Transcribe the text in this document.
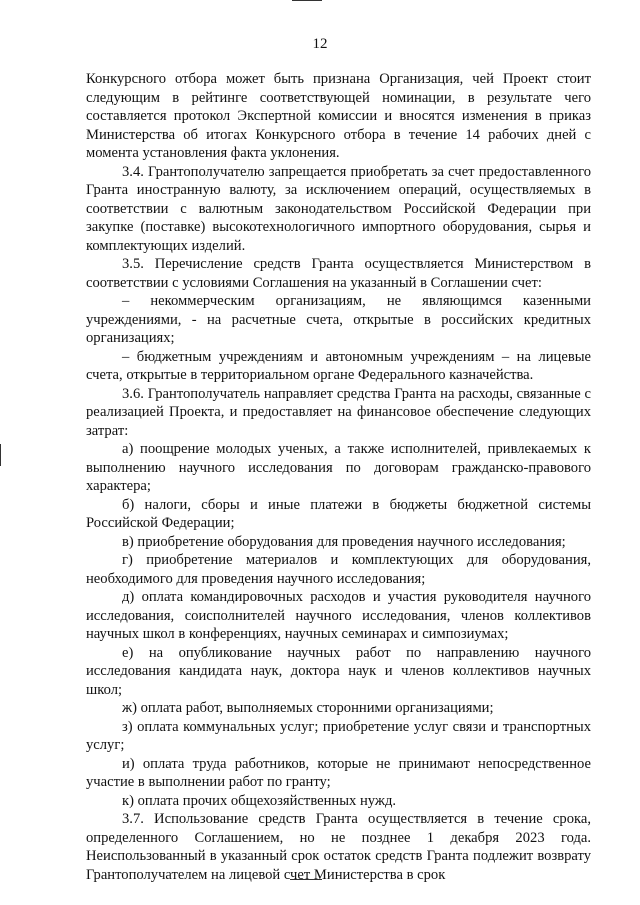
12

Конкурсного отбора может быть признана Организация, чей Проект стоит следующим в рейтинге соответствующей номинации, в результате чего составляется протокол Экспертной комиссии и вносятся изменения в приказ Министерства об итогах Конкурсного отбора в течение 14 рабочих дней с момента установления факта уклонения.

3.4. Грантополучателю запрещается приобретать за счет предоставленного Гранта иностранную валюту, за исключением операций, осуществляемых в соответствии с валютным законодательством Российской Федерации при закупке (поставке) высокотехнологичного импортного оборудования, сырья и комплектующих изделий.

3.5. Перечисление средств Гранта осуществляется Министерством в соответствии с условиями Соглашения на указанный в Соглашении счет:

– некоммерческим организациям, не являющимся казенными учреждениями, - на расчетные счета, открытые в российских кредитных организациях;

– бюджетным учреждениям и автономным учреждениям – на лицевые счета, открытые в территориальном органе Федерального казначейства.

3.6. Грантополучатель направляет средства Гранта на расходы, связанные с реализацией Проекта, и предоставляет на финансовое обеспечение следующих затрат:

а) поощрение молодых ученых, а также исполнителей, привлекаемых к выполнению научного исследования по договорам гражданско-правового характера;

б) налоги, сборы и иные платежи в бюджеты бюджетной системы Российской Федерации;

в) приобретение оборудования для проведения научного исследования;

г) приобретение материалов и комплектующих для оборудования, необходимого для проведения научного исследования;

д) оплата командировочных расходов и участия руководителя научного исследования, соисполнителей научного исследования, членов коллективов научных школ в конференциях, научных семинарах и симпозиумах;

е) на опубликование научных работ по направлению научного исследования кандидата наук, доктора наук и членов коллективов научных школ;

ж) оплата работ, выполняемых сторонними организациями;

з) оплата коммунальных услуг; приобретение услуг связи и транспортных услуг;

и) оплата труда работников, которые не принимают непосредственное участие в выполнении работ по гранту;

к) оплата прочих общехозяйственных нужд.

3.7. Использование средств Гранта осуществляется в течение срока, определенного Соглашением, но не позднее 1 декабря 2023 года. Неиспользованный в указанный срок остаток средств Гранта подлежит возврату Грантополучателем на лицевой счет Министерства в срок
